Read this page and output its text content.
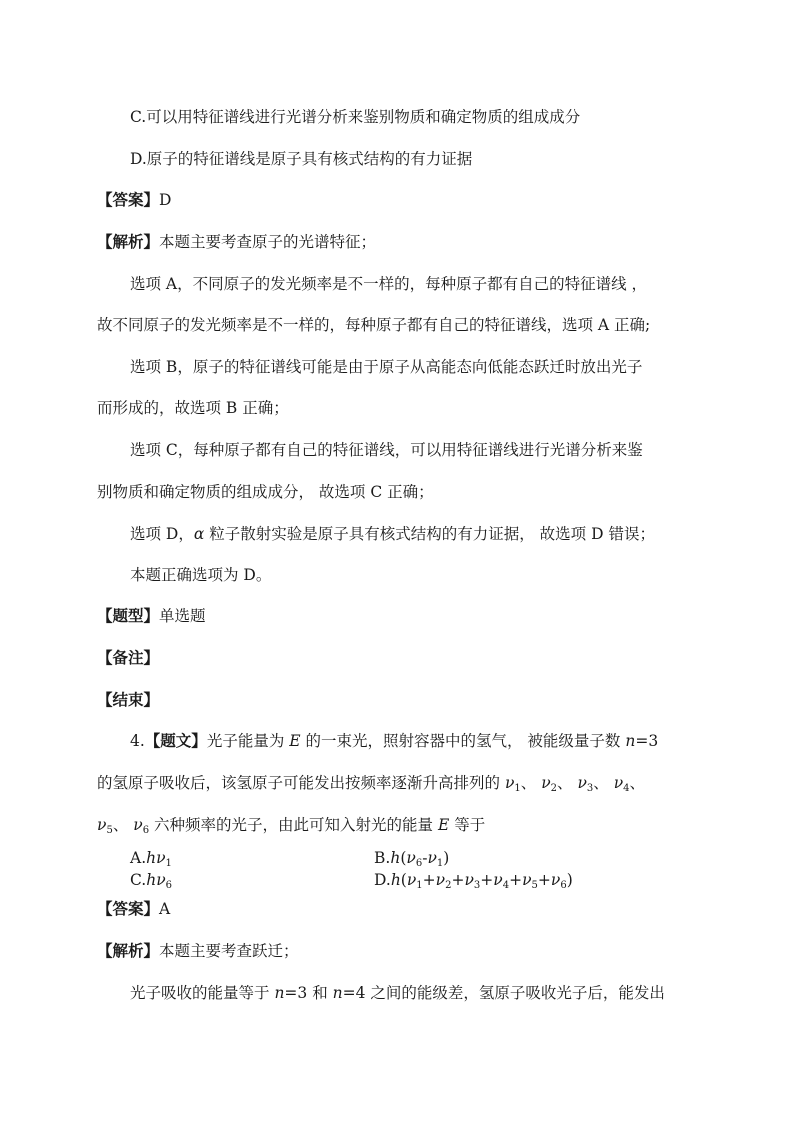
C.可以用特征谱线进行光谱分析来鉴别物质和确定物质的组成成分
D.原子的特征谱线是原子具有核式结构的有力证据
【答案】D
【解析】本题主要考查原子的光谱特征；
选项 A，不同原子的发光频率是不一样的，每种原子都有自己的特征谱线 ，
故不同原子的发光频率是不一样的，每种原子都有自己的特征谱线，选项 A 正确;
选项 B，原子的特征谱线可能是由于原子从高能态向低能态跃迁时放出光子
而形成的，故选项 B 正确；
选项 C，每种原子都有自己的特征谱线，可以用特征谱线进行光谱分析来鉴
别物质和确定物质的组成成分， 故选项 C 正确；
选项 D，α 粒子散射实验是原子具有核式结构的有力证据， 故选项 D 错误；
本题正确选项为 D。
【题型】单选题
【备注】
【结束】
4.【题文】光子能量为 E 的一束光，照射容器中的氢气， 被能级量子数 n=3
的氢原子吸收后，该氢原子可能发出按频率逐渐升高排列的 $\nu_1$、 $\nu_2$、 $\nu_3$、 $\nu_4$、
$\nu_5$、 $\nu_6$ 六种频率的光子，由此可知入射光的能量 E 等于
$A.h\nu_1$	$B.h(\nu_6-\nu_1)$
$C.h\nu_6$	$D.h(\nu_1+\nu_2+\nu_3+\nu_4+\nu_5+\nu_6)$
【答案】A
【解析】本题主要考查跃迁；
光子吸收的能量等于 n=3 和 n=4 之间的能级差，氢原子吸收光子后，能发出
